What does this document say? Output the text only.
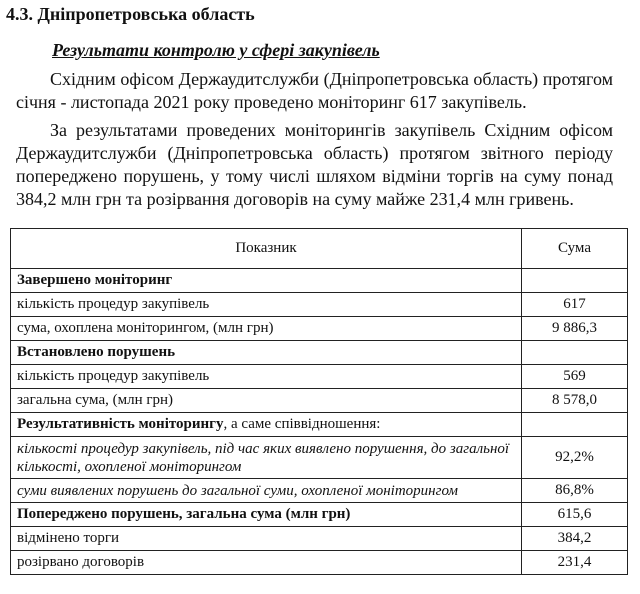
4.3. Дніпропетровська область
Результати контролю у сфері закупівель
Східним офісом Держаудитслужби (Дніпропетровська область) протягом січня - листопада 2021 року проведено моніторинг 617 закупівель.
За результатами проведених моніторингів закупівель Східним офісом Держаудитслужби (Дніпропетровська область) протягом звітного періоду попереджено порушень, у тому числі шляхом відміни торгів на суму понад 384,2 млн грн та розірвання договорів на суму майже 231,4 млн гривень.
Показник	Сума
Завершено моніторинг	
кількість процедур закупівель	617
сума, охоплена моніторингом, (млн грн)	9 886,3
Встановлено порушень	
кількість процедур закупівель	569
загальна сума, (млн грн)	8 578,0
Результативність моніторингу, а саме співвідношення:	
кількості процедур закупівель, під час яких виявлено порушення, до загальної кількості, охопленої моніторингом	92,2%
суми виявлених порушень до загальної суми, охопленої моніторингом	86,8%
Попереджено порушень, загальна сума (млн грн)	615,6
відмінено торги	384,2
розірвано договорів	231,4
